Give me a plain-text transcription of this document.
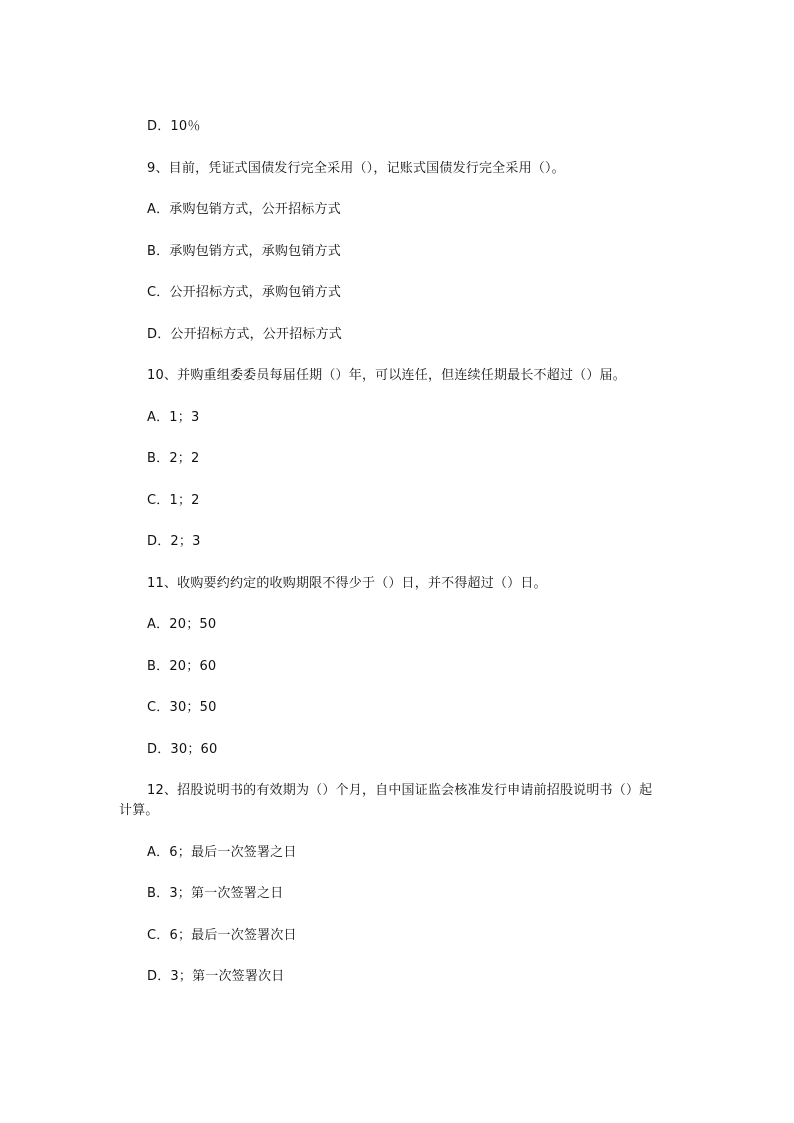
D．10％

9、目前，凭证式国债发行完全采用（），记账式国债发行完全采用（）。

A．承购包销方式，公开招标方式

B．承购包销方式，承购包销方式

C．公开招标方式，承购包销方式

D．公开招标方式，公开招标方式

10、并购重组委委员每届任期（）年，可以连任，但连续任期最长不超过（）届。

A．1；3

B．2；2

C．1；2

D．2；3

11、收购要约约定的收购期限不得少于（）日，并不得超过（）日。

A．20；50

B．20；60

C．30；50

D．30；60

12、招股说明书的有效期为（）个月，自中国证监会核准发行申请前招股说明书（）起计算。

A．6；最后一次签署之日

B．3；第一次签署之日

C．6；最后一次签署次日

D．3；第一次签署次日
